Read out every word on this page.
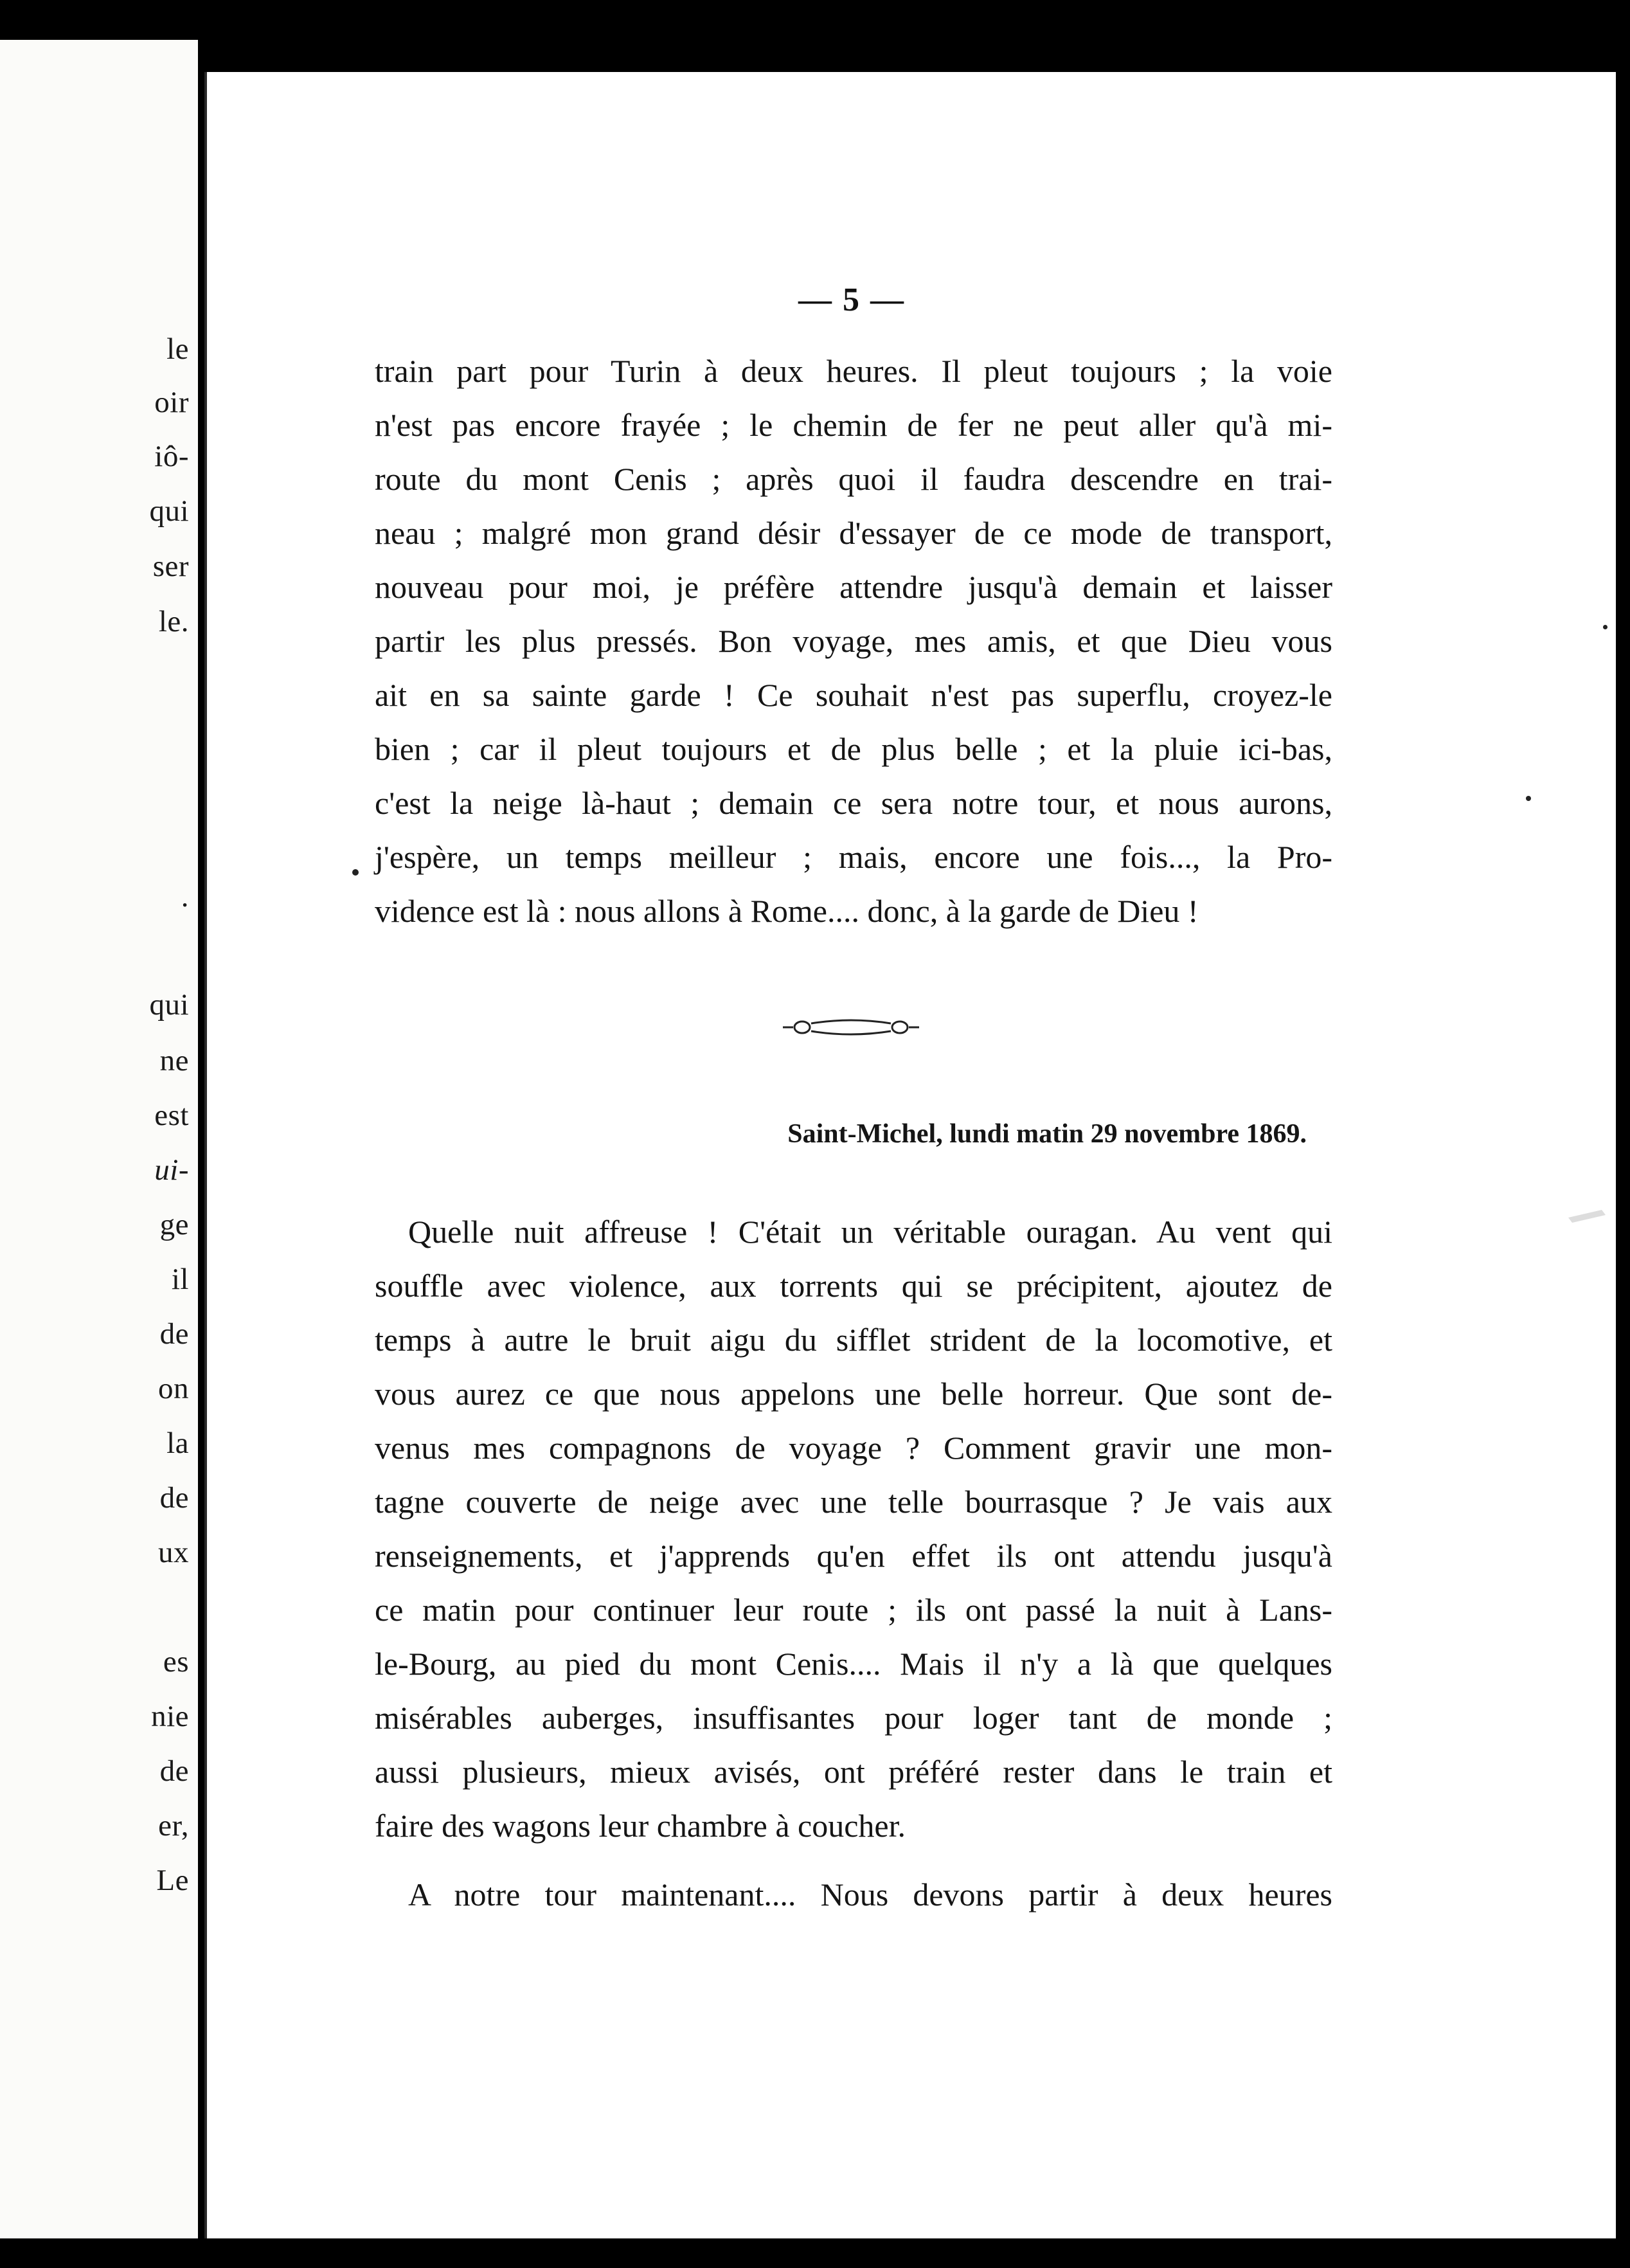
le
oir
iô-
qui
ser
le.
.
qui
ne
est
ui-
ge
il
de
on
la
de
ux
es
nie
de
er,
Le
— 5 —
train part pour Turin à deux heures. Il pleut toujours ; la voie
n'est pas encore frayée ; le chemin de fer ne peut aller qu'à mi-
route du mont Cenis ; après quoi il faudra descendre en trai-
neau ; malgré mon grand désir d'essayer de ce mode de transport,
nouveau pour moi, je préfère attendre jusqu'à demain et laisser
partir les plus pressés. Bon voyage, mes amis, et que Dieu vous
ait en sa sainte garde ! Ce souhait n'est pas superflu, croyez-le
bien ; car il pleut toujours et de plus belle ; et la pluie ici-bas,
c'est la neige là-haut ; demain ce sera notre tour, et nous aurons,
j'espère, un temps meilleur ; mais, encore une fois..., la Pro-
vidence est là : nous allons à Rome.... donc, à la garde de Dieu !
Saint-Michel, lundi matin 29 novembre 1869.
Quelle nuit affreuse ! C'était un véritable ouragan. Au vent qui
souffle avec violence, aux torrents qui se précipitent, ajoutez de
temps à autre le bruit aigu du sifflet strident de la locomotive, et
vous aurez ce que nous appelons une belle horreur. Que sont de-
venus mes compagnons de voyage ? Comment gravir une mon-
tagne couverte de neige avec une telle bourrasque ? Je vais aux
renseignements, et j'apprends qu'en effet ils ont attendu jusqu'à
ce matin pour continuer leur route ; ils ont passé la nuit à Lans-
le-Bourg, au pied du mont Cenis.... Mais il n'y a là que quelques
misérables auberges, insuffisantes pour loger tant de monde ;
aussi plusieurs, mieux avisés, ont préféré rester dans le train et
faire des wagons leur chambre à coucher.
A notre tour maintenant.... Nous devons partir à deux heures
